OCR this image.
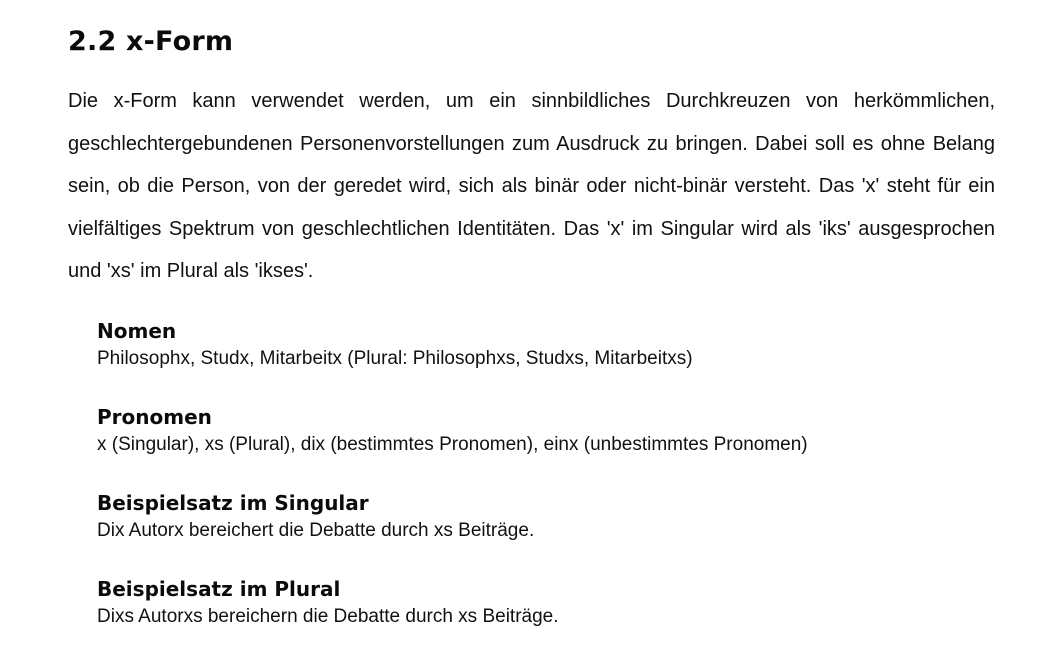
2.2 x-Form

Die x-Form kann verwendet werden, um ein sinnbildliches Durchkreuzen von herkömmlichen, geschlechtergebundenen Personenvorstellungen zum Ausdruck zu bringen. Dabei soll es ohne Belang sein, ob die Person, von der geredet wird, sich als binär oder nicht-binär versteht. Das 'x' steht für ein vielfältiges Spektrum von geschlechtlichen Identitäten. Das 'x' im Singular wird als 'iks' ausgesprochen und 'xs' im Plural als 'ikses'.

Nomen

Philosophx, Studx, Mitarbeitx (Plural: Philosophxs, Studxs, Mitarbeitxs)

Pronomen

x (Singular), xs (Plural), dix (bestimmtes Pronomen), einx (unbestimmtes Pronomen)

Beispielsatz im Singular

Dix Autorx bereichert die Debatte durch xs Beiträge.

Beispielsatz im Plural

Dixs Autorxs bereichern die Debatte durch xs Beiträge.
